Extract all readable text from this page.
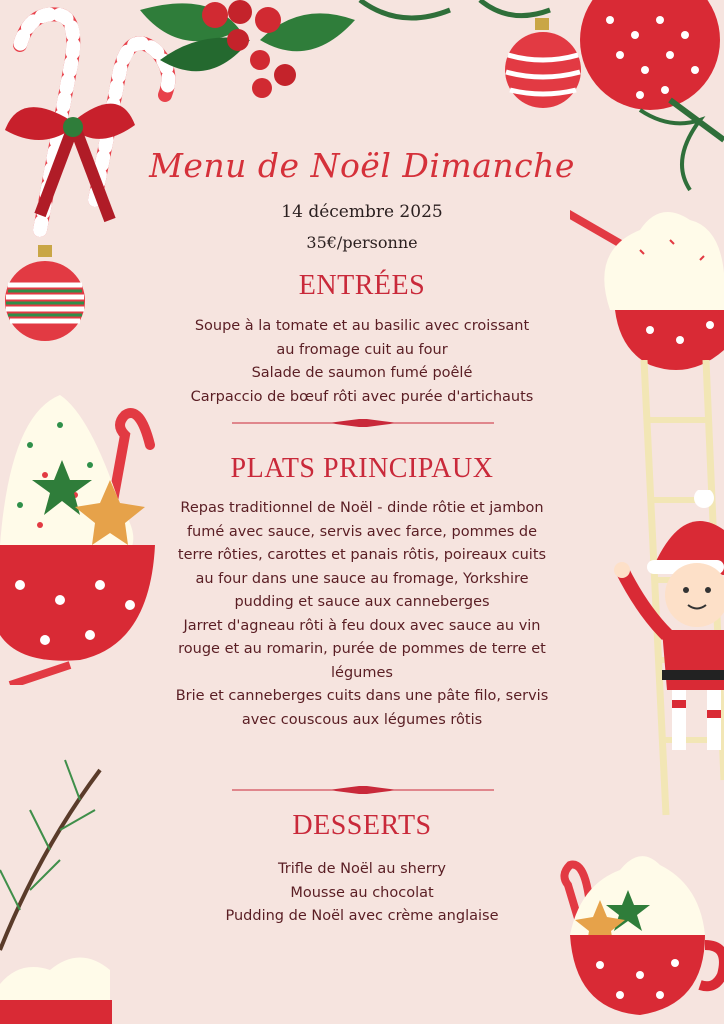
Menu de Noël Dimanche
14 décembre 2025
35€/personne
ENTRÉES

Soupe à la tomate et au basilic avec croissant

au fromage cuit au four

Salade de saumon fumé poêlé

Carpaccio de bœuf rôti avec purée d'artichauts

PLATS PRINCIPAUX

Repas traditionnel de Noël - dinde rôtie et jambon fumé avec sauce, servis avec farce, pommes de terre rôties, carottes et panais rôtis, poireaux cuits au four dans une sauce au fromage, Yorkshire pudding et sauce aux canneberges

Jarret d'agneau rôti à feu doux avec sauce au vin rouge et au romarin, purée de pommes de terre et légumes

Brie et canneberges cuits dans une pâte filo, servis avec couscous aux légumes rôtis

DESSERTS

Trifle de Noël au sherry

Mousse au chocolat

Pudding de Noël avec crème anglaise
